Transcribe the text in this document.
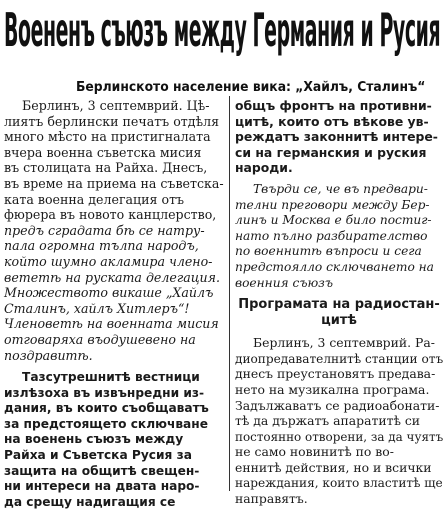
Воененъ съюзъ между Германия и Русия
Берлинското население вика: „Хайлъ, Сталинъ“
Берлинъ, 3 септемврий. Цѣ-
лиятъ берлински печатъ отдѣля
много мѣсто на пристигналата
вчера военна съветска мисия
въ столицата на Райха. Днесъ,
въ време на приема на съветска-
ката военна делегация отъ
фюрера въ новото канцлерство,
предъ сградата бѣ се натру-
пала огромна тълпа народъ,
който шумно акламира члено-
вететѣ на руската делегация.
Множеството викаше „Хайлъ
Сталинъ, хайлъ Хитлеръ“!
Членоветѣ на военната мисия
отговаряха въодушевено на
поздравитѣ.
Тазсутрешнитѣ вестници
излѣзоха въ извънредни из-
дания, въ които съобщаватъ
за предстоящето сключване
на военень съюзъ между
Райха и Съветска Русия за
защита на общитѣ свещен-
ни интереси на двата наро-
да срещу надигащия се
общъ фронтъ на противни-
цитѣ, които отъ вѣкове ув-
реждатъ законнитѣ интере-
си на германския и руския
народи.
Твърди се, че въ предвари-
телни преговори между Бер-
линъ и Москва е било постиг-
нато пълно разбирателство
по военнитѣ въпроси и сега
предстоялло сключването на
военния съюзъ
Програмата на радиостан-
цитѣ
Берлинъ, 3 септемврий. Ра-
диопредавателнитѣ станции отъ
днесъ преустановятъ предава-
нето на музикална програма.
Задължаватъ се радиоабонати-
тѣ да държатъ апаратитѣ си
постоянно отворени, за да чуятъ
не само новинитѣ по во-
еннитѣ действия, но и всички
нареждания, които властитѣ ще
направятъ.
